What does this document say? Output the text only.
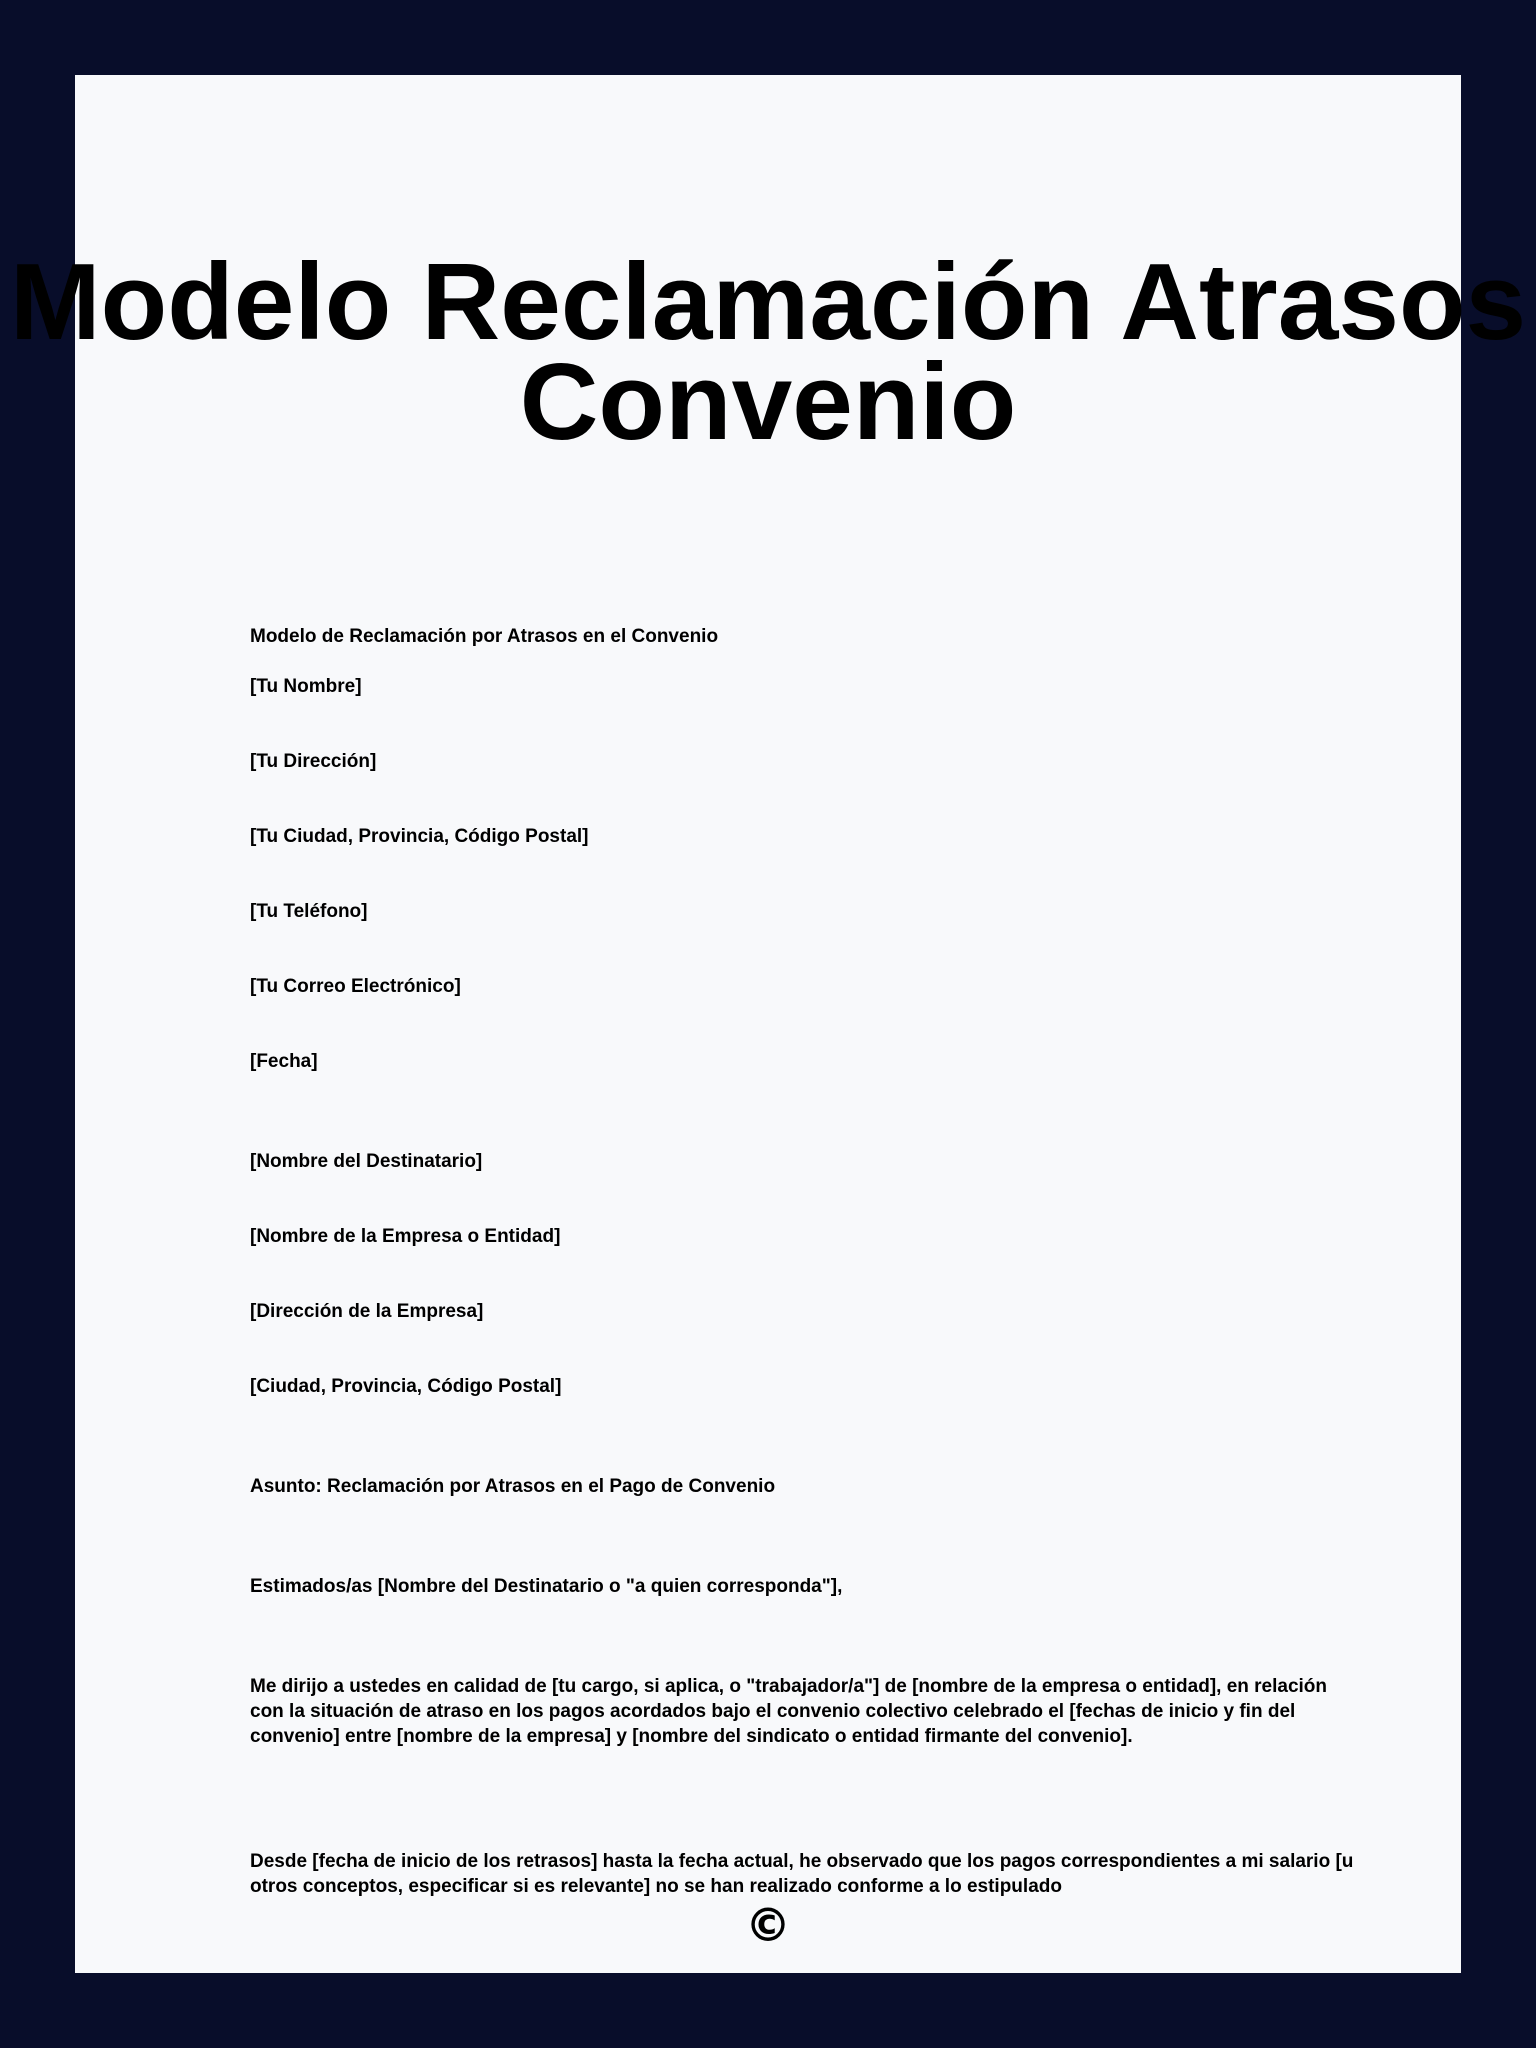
Modelo Reclamación Atrasos
Convenio

Modelo de Reclamación por Atrasos en el Convenio

[Tu Nombre]

[Tu Dirección]

[Tu Ciudad, Provincia, Código Postal]

[Tu Teléfono]

[Tu Correo Electrónico]

[Fecha]

[Nombre del Destinatario]

[Nombre de la Empresa o Entidad]

[Dirección de la Empresa]

[Ciudad, Provincia, Código Postal]

Asunto: Reclamación por Atrasos en el Pago de Convenio

Estimados/as [Nombre del Destinatario o "a quien corresponda"],

Me dirijo a ustedes en calidad de [tu cargo, si aplica, o "trabajador/a"] de [nombre de la empresa o entidad], en relación con la situación de atraso en los pagos acordados bajo el convenio colectivo celebrado el [fechas de inicio y fin del convenio] entre [nombre de la empresa] y [nombre del sindicato o entidad firmante del convenio].

Desde [fecha de inicio de los retrasos] hasta la fecha actual, he observado que los pagos correspondientes a mi salario [u otros conceptos, especificar si es relevante] no se han realizado conforme a lo estipulado

©
